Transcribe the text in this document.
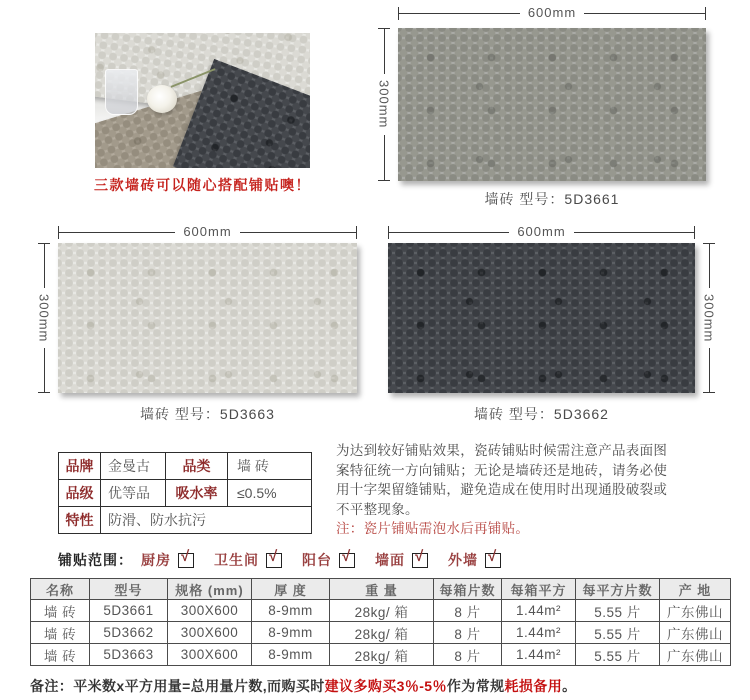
三款墙砖可以随心搭配铺贴噢！
600mm
300mm
墙砖 型号：5D3661
600mm
300mm
墙砖 型号：5D3663
600mm
300mm
墙砖 型号：5D3662
品牌	金曼古	品类	墙 砖
品级	优等品	吸水率	≤0.5%
特性	防滑、防水抗污		
为达到较好铺贴效果，瓷砖铺贴时候需注意产品表面图
案特征统一方向铺贴；无论是墙砖还是地砖，请务必使
用十字架留缝铺贴，避免造成在使用时出现通股破裂或
不平整现象。
注：瓷片铺贴需泡水后再铺贴。
铺贴范围： 厨房 √ 卫生间 √ 阳台 √ 墙面 √ 外墙 √
名称	型号	规格 (mm)	厚 度	重 量	每箱片数	每箱平方	每平方片数	产 地
墙 砖	5D3661	300X600	8-9mm	28kg/ 箱	8 片	1.44m²	5.55 片	广东佛山
墙 砖	5D3662	300X600	8-9mm	28kg/ 箱	8 片	1.44m²	5.55 片	广东佛山
墙 砖	5D3663	300X600	8-9mm	28kg/ 箱	8 片	1.44m²	5.55 片	广东佛山
备注：平米数x平方用量=总用量片数,而购买时建议多购买3％-5％作为常规耗损备用。
